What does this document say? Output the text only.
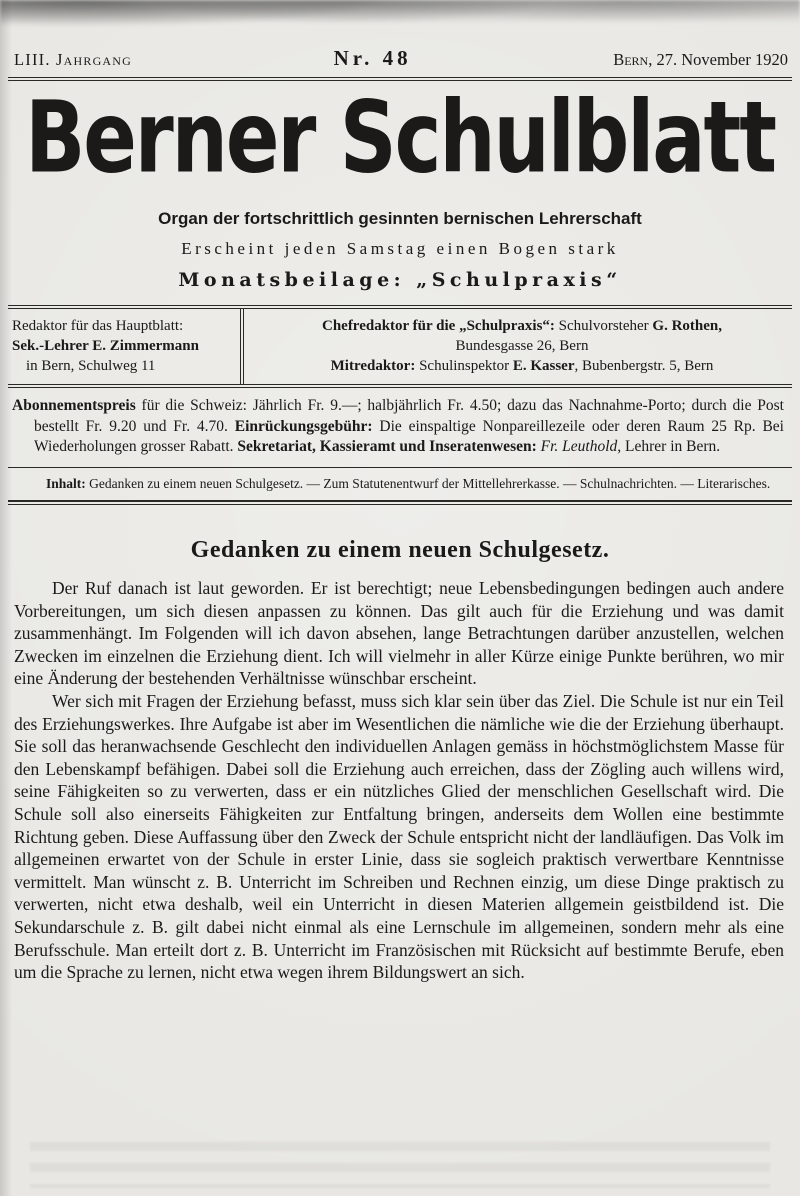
LIII. Jahrgang	Nr. 48	Bern, 27. November 1920
Berner Schulblatt
Organ der fortschrittlich gesinnten bernischen Lehrerschaft
Erscheint jeden Samstag einen Bogen stark
Monatsbeilage: „Schulpraxis“
Redaktor für das Hauptblatt:
Sek.-Lehrer E. Zimmermann
in Bern, Schulweg 11
Chefredaktor für die „Schulpraxis“: Schulvorsteher G. Rothen,
Bundesgasse 26, Bern
Mitredaktor: Schulinspektor E. Kasser, Bubenbergstr. 5, Bern

Abonnementspreis für die Schweiz: Jährlich Fr. 9.—; halbjährlich Fr. 4.50; dazu das Nachnahme-Porto; durch die Post bestellt Fr. 9.20 und Fr. 4.70. Einrückungsgebühr: Die einspaltige Nonpareillezeile oder deren Raum 25 Rp. Bei Wiederholungen grosser Rabatt. Sekretariat, Kassieramt und Inseratenwesen: Fr. Leuthold, Lehrer in Bern.

Inhalt: Gedanken zu einem neuen Schulgesetz. — Zum Statutenentwurf der Mittellehrerkasse. — Schulnachrichten. — Literarisches.

Gedanken zu einem neuen Schulgesetz.

Der Ruf danach ist laut geworden. Er ist berechtigt; neue Lebensbedingungen bedingen auch andere Vorbereitungen, um sich diesen anpassen zu können. Das gilt auch für die Erziehung und was damit zusammenhängt. Im Folgenden will ich davon absehen, lange Betrachtungen darüber anzustellen, welchen Zwecken im einzelnen die Erziehung dient. Ich will vielmehr in aller Kürze einige Punkte berühren, wo mir eine Änderung der bestehenden Verhältnisse wünschbar erscheint.

Wer sich mit Fragen der Erziehung befasst, muss sich klar sein über das Ziel. Die Schule ist nur ein Teil des Erziehungswerkes. Ihre Aufgabe ist aber im Wesentlichen die nämliche wie die der Erziehung überhaupt. Sie soll das heranwachsende Geschlecht den individuellen Anlagen gemäss in höchstmöglichstem Masse für den Lebenskampf befähigen. Dabei soll die Erziehung auch erreichen, dass der Zögling auch willens wird, seine Fähigkeiten so zu verwerten, dass er ein nützliches Glied der menschlichen Gesellschaft wird. Die Schule soll also einerseits Fähigkeiten zur Entfaltung bringen, anderseits dem Wollen eine bestimmte Richtung geben. Diese Auffassung über den Zweck der Schule entspricht nicht der landläufigen. Das Volk im allgemeinen erwartet von der Schule in erster Linie, dass sie sogleich praktisch verwertbare Kenntnisse vermittelt. Man wünscht z. B. Unterricht im Schreiben und Rechnen einzig, um diese Dinge praktisch zu verwerten, nicht etwa deshalb, weil ein Unterricht in diesen Materien allgemein geistbildend ist. Die Sekundarschule z. B. gilt dabei nicht einmal als eine Lernschule im allgemeinen, sondern mehr als eine Berufsschule. Man erteilt dort z. B. Unterricht im Französischen mit Rücksicht auf bestimmte Berufe, eben um die Sprache zu lernen, nicht etwa wegen ihrem Bildungswert an sich.
